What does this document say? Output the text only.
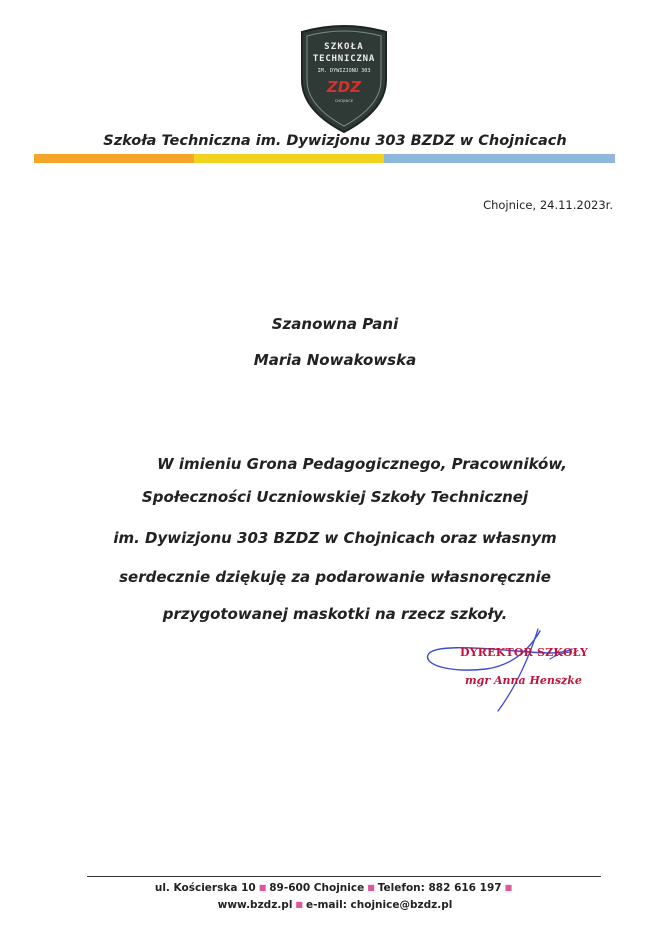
SZKOŁA
TECHNICZNA
IM. DYWIZJONU 303
ZDZ
CHOJNICE
Szkoła Techniczna im. Dywizjonu 303 BZDZ w Chojnicach
Chojnice, 24.11.2023r.
Szanowna Pani
Maria Nowakowska
W imieniu Grona Pedagogicznego, Pracowników,
Społeczności Uczniowskiej Szkoły Technicznej
im. Dywizjonu 303 BZDZ w Chojnicach oraz własnym
serdecznie dziękuję za podarowanie własnoręcznie
przygotowanej maskotki na rzecz szkoły.
DYREKTOR SZKOŁY
mgr Anna Henszke
ul. Kościerska 10 ■ 89-600 Chojnice ■ Telefon: 882 616 197 ■
www.bzdz.pl ■ e-mail: chojnice@bzdz.pl
